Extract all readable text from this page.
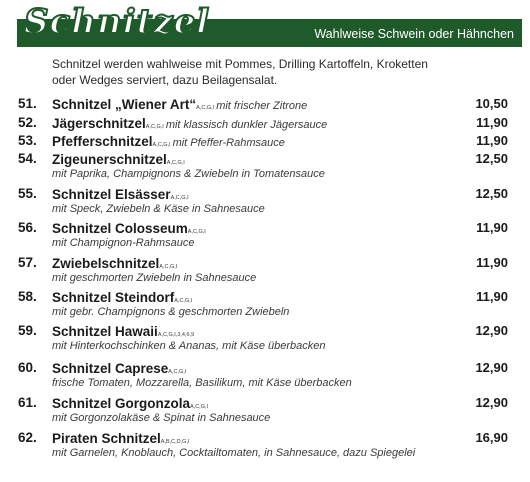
Schnitzel	Wahlweise Schwein oder Hähnchen
Schnitzel werden wahlweise mit Pommes, Drilling Kartoffeln, Kroketten oder Wedges serviert, dazu Beilagensalat.
51. Schnitzel „Wiener Art“A,C,G,I mit frischer Zitrone	10,50
52. JägerschnitzelA,C,G,I mit klassisch dunkler Jägersauce	11,90
53. PfefferschnitzelA,C,G,I mit Pfeffer-Rahmsauce	11,90
54. ZigeunerschnitzelA,C,G,I
mit Paprika, Champignons & Zwiebeln in Tomatensauce
12,50
55. Schnitzel ElsässerA,C,G,I
mit Speck, Zwiebeln & Käse in Sahnesauce
12,50
56. Schnitzel ColosseumA,C,G,I
mit Champignon-Rahmsauce
11,90
57. ZwiebelschnitzelA,C,G,I
mit geschmorten Zwiebeln in Sahnesauce
11,90
58. Schnitzel SteindorfA,C,G,I
mit gebr. Champignons & geschmorten Zwiebeln
11,90
59. Schnitzel HawaiiA,C,G,I,3,4,6,9
mit Hinterkochschinken & Ananas, mit Käse überbacken
12,90
60. Schnitzel CapreseA,C,G,I
frische Tomaten, Mozzarella, Basilikum, mit Käse überbacken
12,90
61. Schnitzel GorgonzolaA,C,G,I
mit Gorgonzolakäse & Spinat in Sahnesauce
12,90
62. Piraten SchnitzelA,B,C,D,G,I
mit Garnelen, Knoblauch, Cocktailtomaten, in Sahnesauce, dazu Spiegelei
16,90
